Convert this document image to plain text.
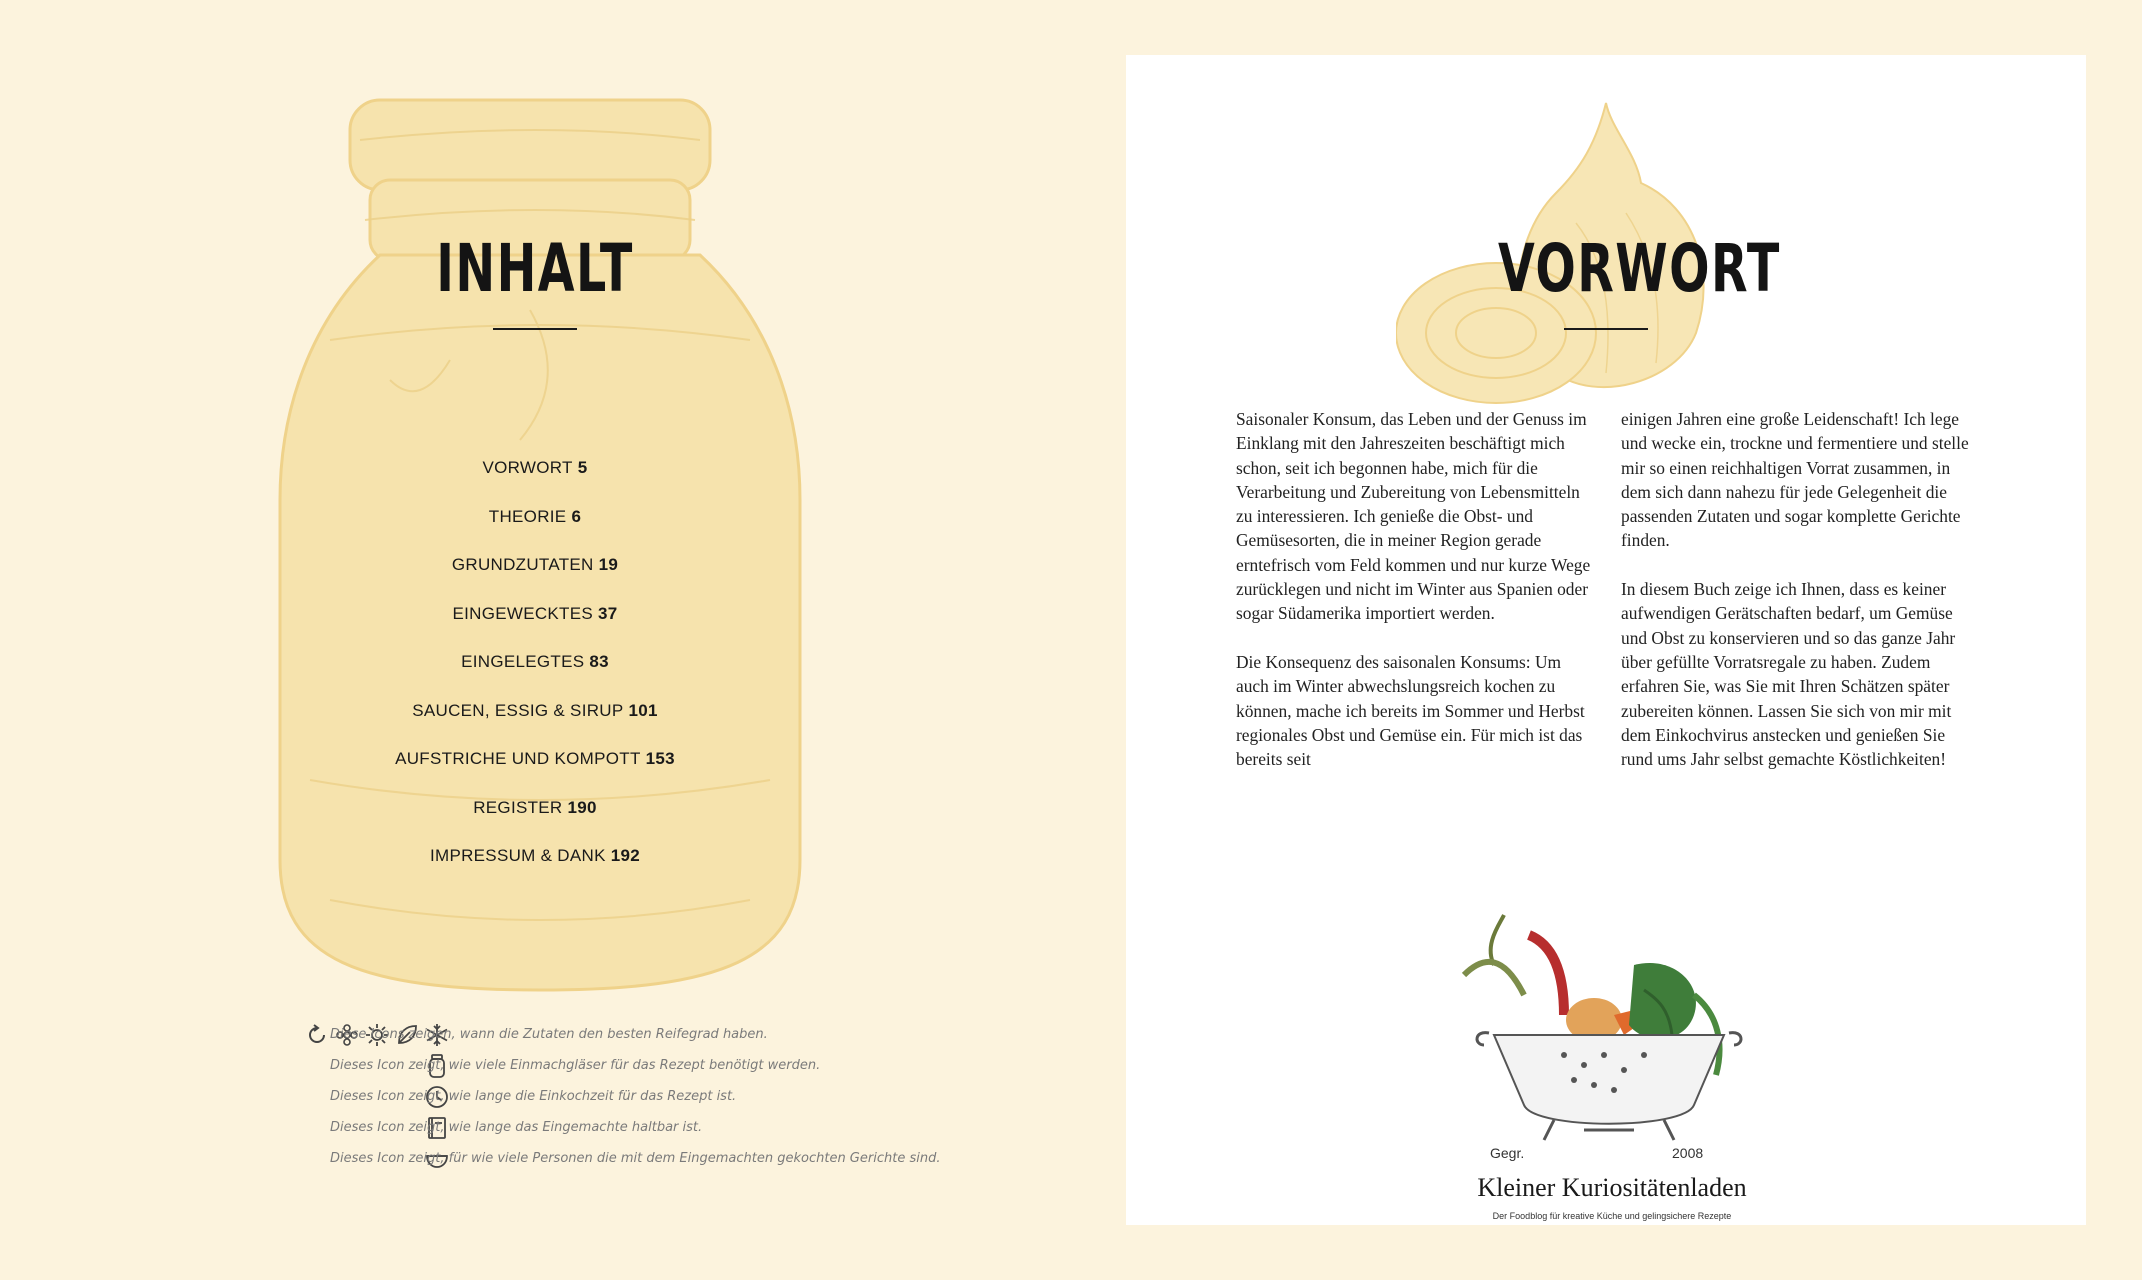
INHALT
VORWORT 5
THEORIE 6
GRUNDZUTATEN 19
EINGEWECKTES 37
EINGELEGTES 83
SAUCEN, ESSIG & SIRUP 101
AUFSTRICHE UND KOMPOTT 153
REGISTER 190
IMPRESSUM & DANK 192
Diese Icons zeigen, wann die Zutaten den besten Reifegrad haben.
Dieses Icon zeigt, wie viele Einmachgläser für das Rezept benötigt werden.
Dieses Icon zeigt, wie lange die Einkochzeit für das Rezept ist.
Dieses Icon zeigt, wie lange das Eingemachte haltbar ist.
Dieses Icon zeigt, für wie viele Personen die mit dem Eingemachten gekochten Gerichte sind.
VORWORT

Saisonaler Konsum, das Leben und der Genuss im Einklang mit den Jahreszeiten beschäftigt mich schon, seit ich begonnen habe, mich für die Verarbeitung und Zubereitung von Lebensmitteln zu interessieren. Ich genieße die Obst- und Gemüsesorten, die in meiner Region gerade erntefrisch vom Feld kommen und nur kurze Wege zurücklegen und nicht im Winter aus Spanien oder sogar Südamerika importiert werden.

Die Konsequenz des saisonalen Konsums: Um auch im Winter abwechslungsreich kochen zu können, mache ich bereits im Sommer und Herbst regionales Obst und Gemüse ein. Für mich ist das bereits seit

einigen Jahren eine große Leidenschaft! Ich lege und wecke ein, trockne und fermentiere und stelle mir so einen reichhaltigen Vorrat zusammen, in dem sich dann nahezu für jede Gelegenheit die passenden Zutaten und sogar komplette Gerichte finden.

In diesem Buch zeige ich Ihnen, dass es keiner aufwendigen Gerätschaften bedarf, um Gemüse und Obst zu konservieren und so das ganze Jahr über gefüllte Vorratsregale zu haben. Zudem erfahren Sie, was Sie mit Ihren Schätzen später zubereiten können. Lassen Sie sich von mir mit dem Einkochvirus anstecken und genießen Sie rund ums Jahr selbst gemachte Köstlichkeiten!

Gegr.	2008
Kleiner Kuriositätenladen
Der Foodblog für kreative Küche und gelingsichere Rezepte
